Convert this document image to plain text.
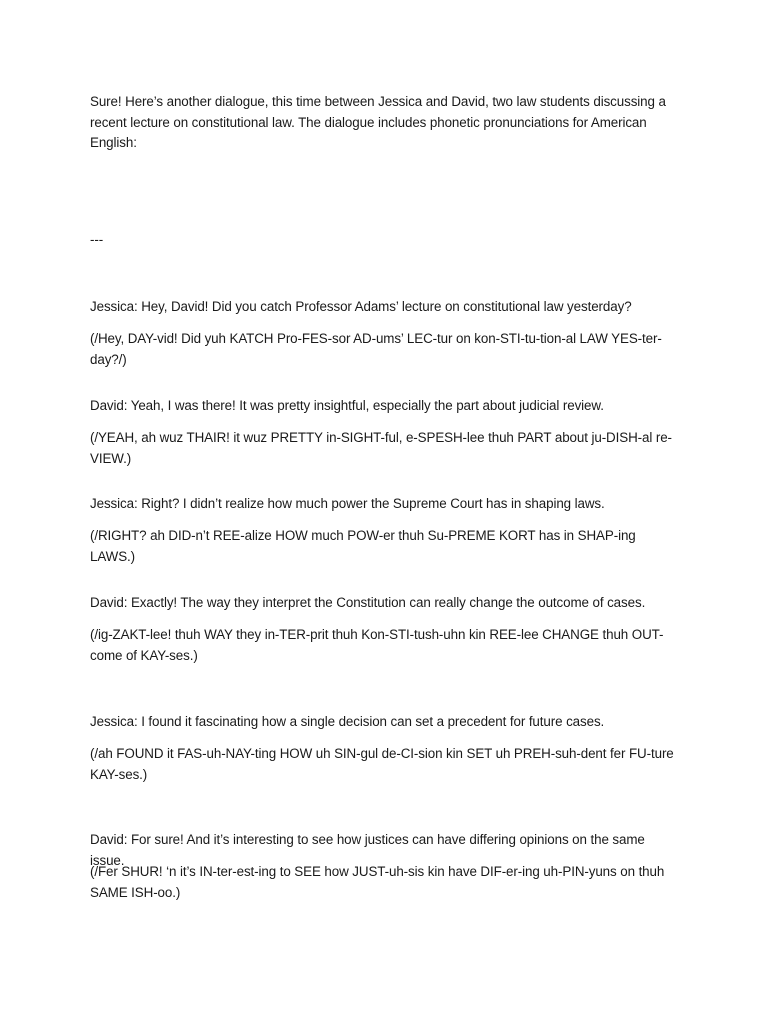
Sure! Here’s another dialogue, this time between Jessica and David, two law students discussing a recent lecture on constitutional law. The dialogue includes phonetic pronunciations for American English:

---

Jessica: Hey, David! Did you catch Professor Adams’ lecture on constitutional law yesterday?

(/Hey, DAY-vid! Did yuh KATCH Pro-FES-sor AD-ums’ LEC-tur on kon-STI-tu-tion-al LAW YES-ter-day?/)

David: Yeah, I was there! It was pretty insightful, especially the part about judicial review.

(/YEAH, ah wuz THAIR! it wuz PRETTY in-SIGHT-ful, e-SPESH-lee thuh PART about ju-DISH-al re-VIEW.)

Jessica: Right? I didn’t realize how much power the Supreme Court has in shaping laws.

(/RIGHT? ah DID-n’t REE-alize HOW much POW-er thuh Su-PREME KORT has in SHAP-ing LAWS.)

David: Exactly! The way they interpret the Constitution can really change the outcome of cases.

(/ig-ZAKT-lee! thuh WAY they in-TER-prit thuh Kon-STI-tush-uhn kin REE-lee CHANGE thuh OUT-come of KAY-ses.)

Jessica: I found it fascinating how a single decision can set a precedent for future cases.

(/ah FOUND it FAS-uh-NAY-ting HOW uh SIN-gul de-CI-sion kin SET uh PREH-suh-dent fer FU-ture KAY-ses.)

David: For sure! And it’s interesting to see how justices can have differing opinions on the same issue.

(/Fer SHUR! ‘n it’s IN-ter-est-ing to SEE how JUST-uh-sis kin have DIF-er-ing uh-PIN-yuns on thuh SAME ISH-oo.)
